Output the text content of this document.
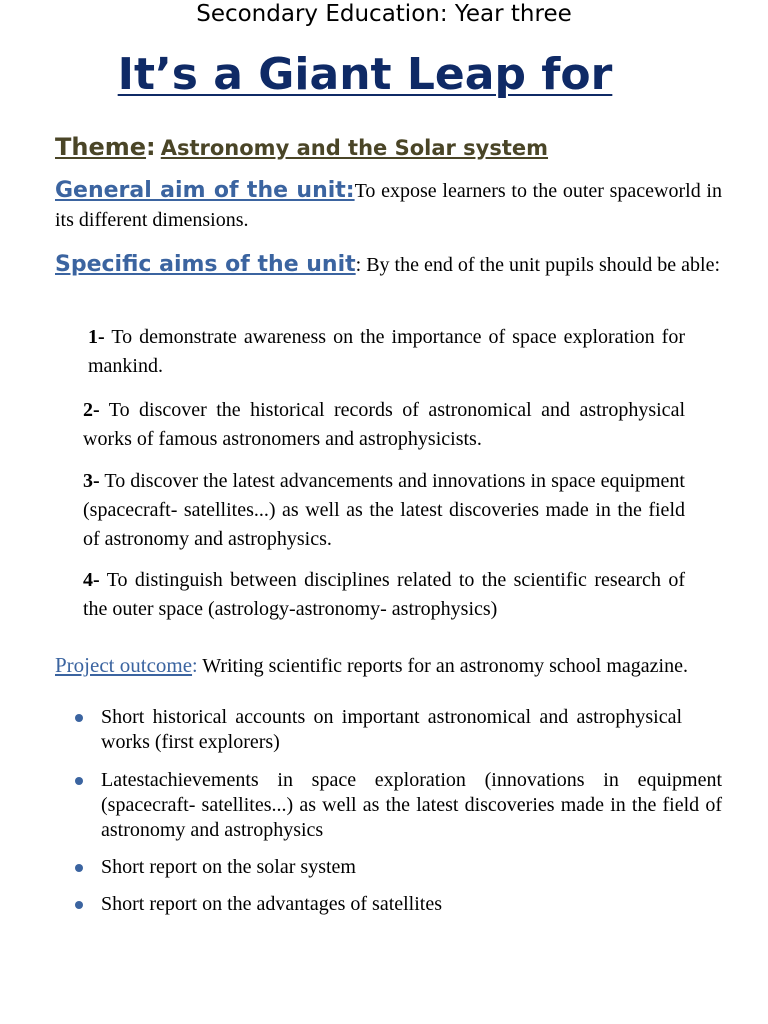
Secondary Education: Year three
It’s a Giant Leap for
Theme: Astronomy and the Solar system
General aim of the unit:To expose learners to the outer spaceworld in its different dimensions.
Specific aims of the unit: By the end of the unit pupils should be able:
1- To demonstrate awareness on the importance of space exploration for mankind.
2- To discover the historical records of astronomical and astrophysical works of famous astronomers and astrophysicists.
3- To discover the latest advancements and innovations in space equipment (spacecraft- satellites...) as well as the latest discoveries made in the field of astronomy and astrophysics.
4- To distinguish between disciplines related to the scientific research of the outer space (astrology-astronomy- astrophysics)
Project outcome: Writing scientific reports for an astronomy school magazine.
Short historical accounts on important astronomical and astrophysical works (first explorers)
Latestachievements in space exploration (innovations in equipment (spacecraft- satellites...) as well as the latest discoveries made in the field of astronomy and astrophysics
Short report on the solar system
Short report on the advantages of satellites
